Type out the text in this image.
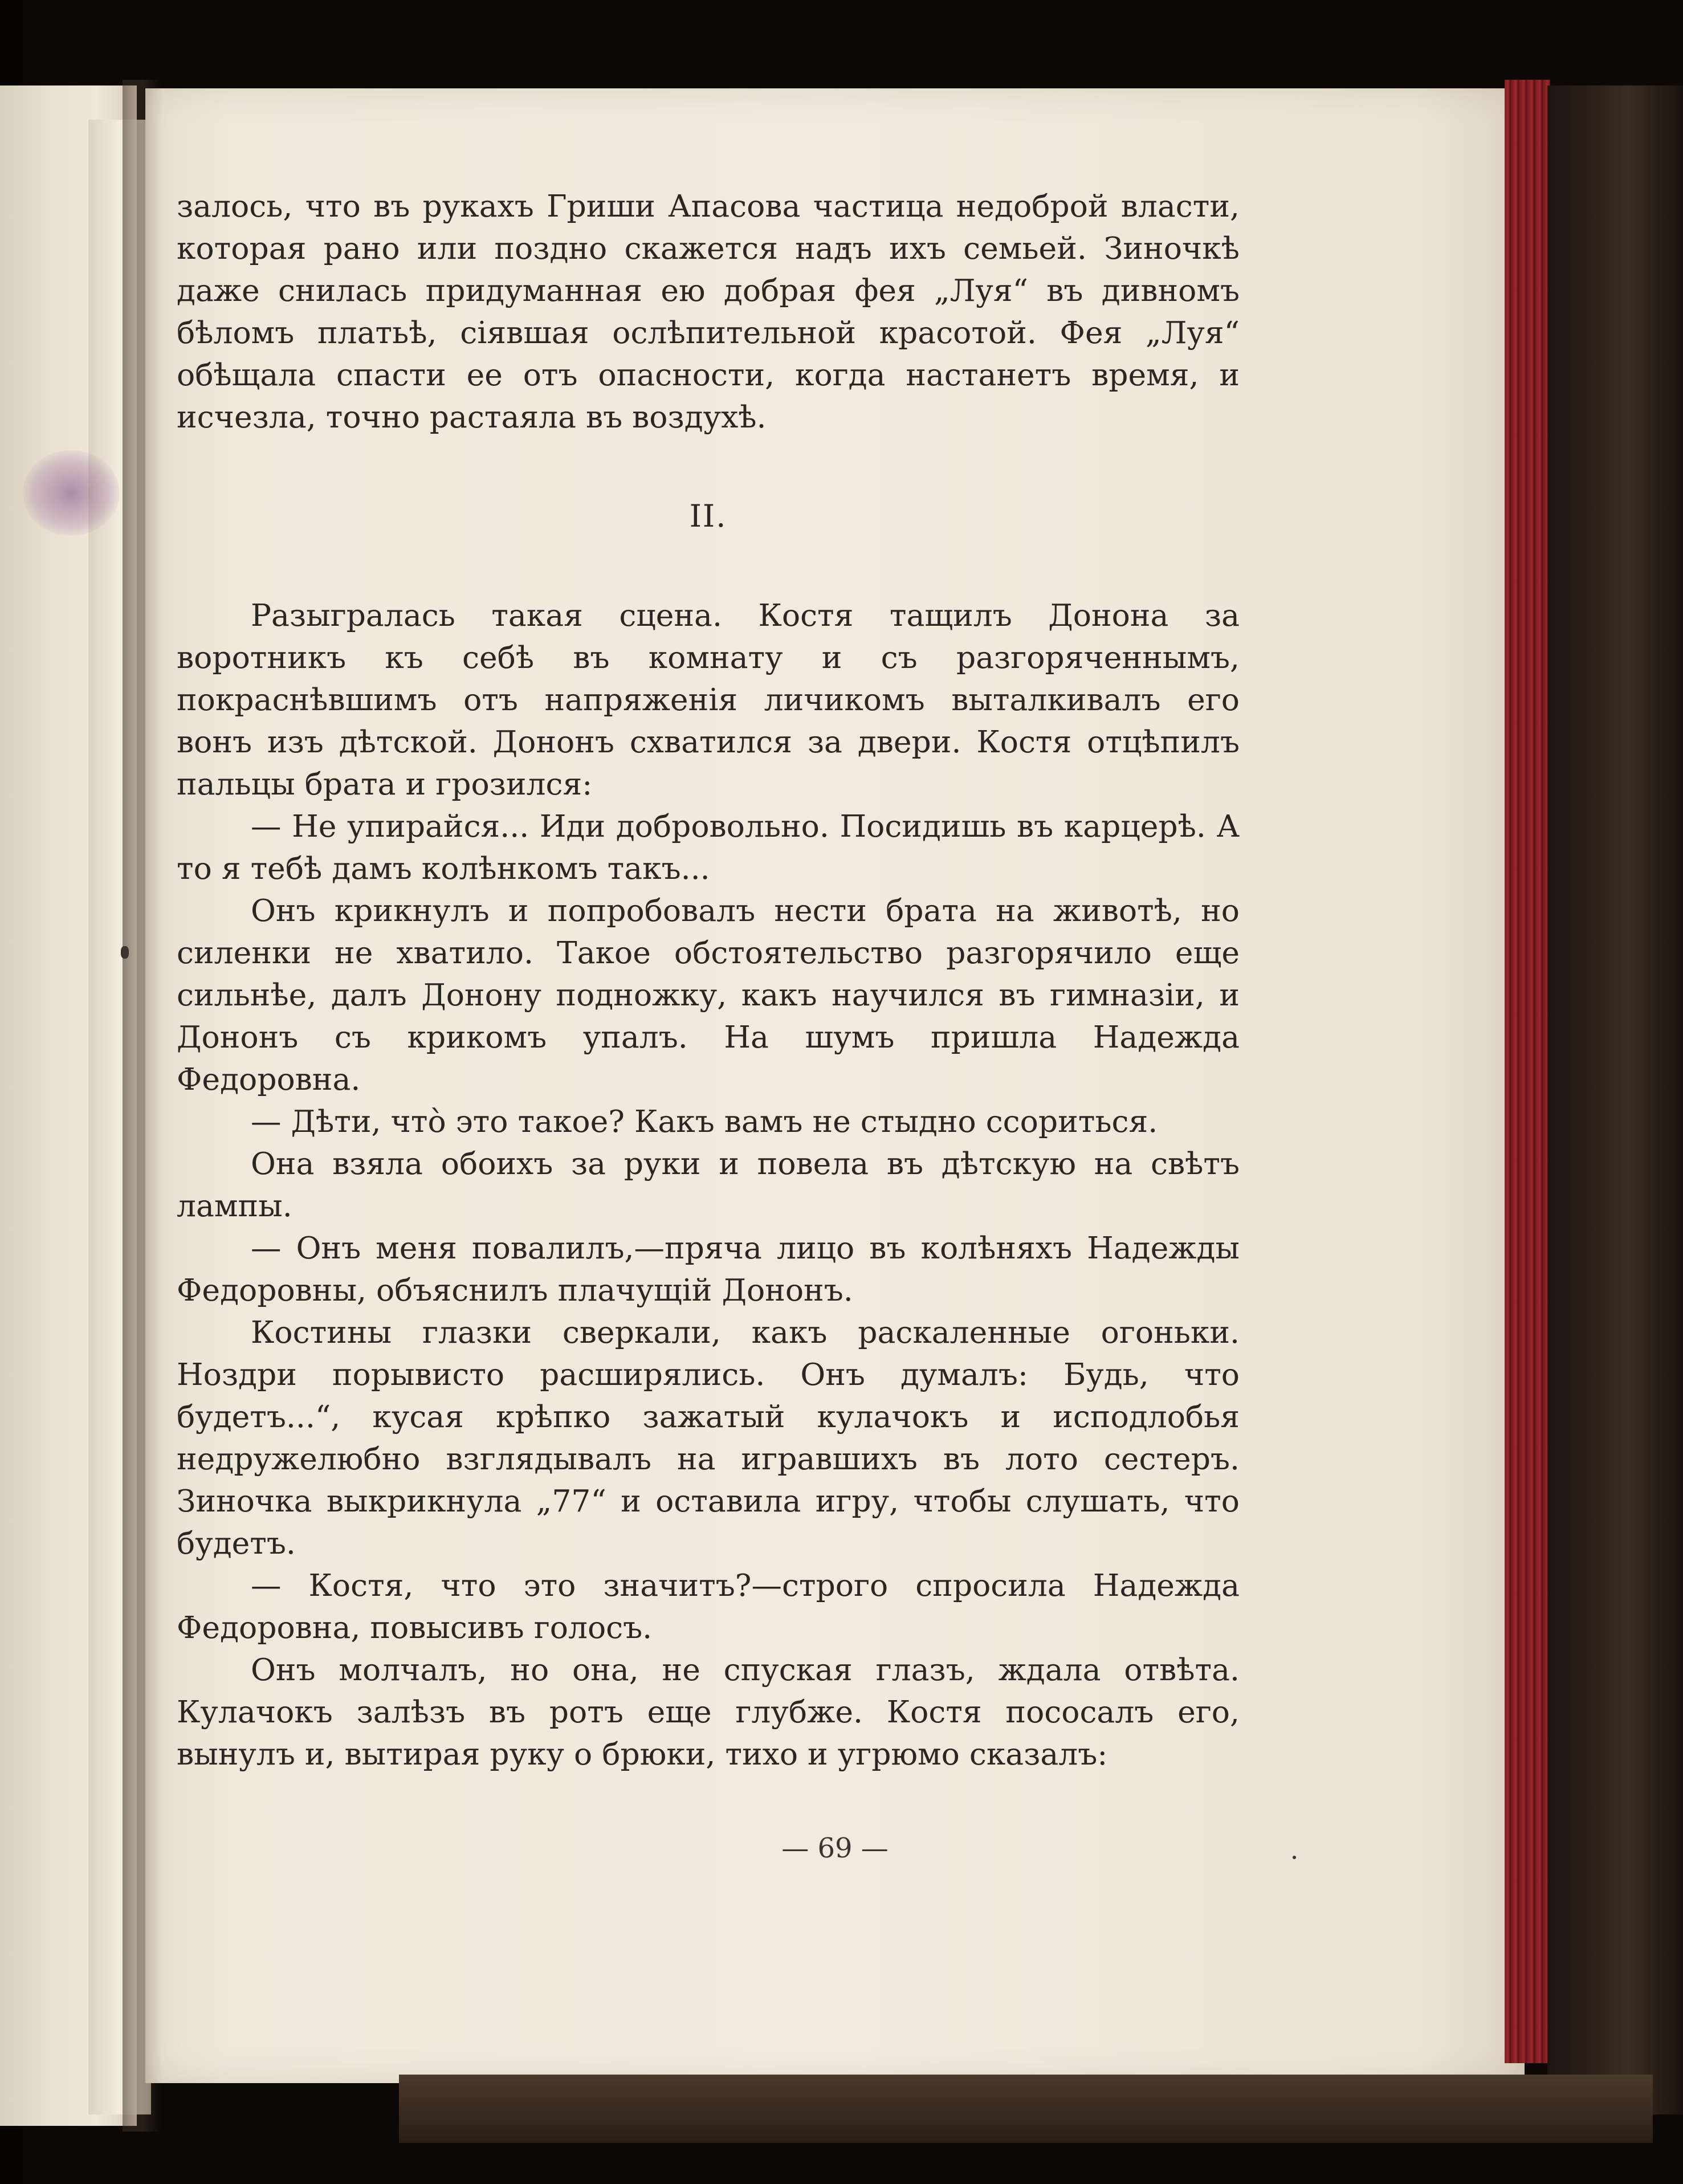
залось, что въ рукахъ Гриши Апасова частица недоброй власти, которая рано или поздно скажется надъ ихъ семьей. Зиночкѣ даже снилась придуманная ею добрая фея „Луя“ въ дивномъ бѣломъ платьѣ, сіявшая ослѣпительной красотой. Фея „Луя“ обѣщала спасти ее отъ опасности, когда настанетъ время, и исчезла, точно растаяла въ воздухѣ.

II.

Разыгралась такая сцена. Костя тащилъ Донона за воротникъ къ себѣ въ комнату и съ разгоряченнымъ, покраснѣвшимъ отъ напряженія личикомъ выталкивалъ его вонъ изъ дѣтской. Дононъ схватился за двери. Костя отцѣпилъ пальцы брата и грозился:

— Не упирайся... Иди добровольно. Посидишь въ карцерѣ. А то я тебѣ дамъ колѣнкомъ такъ...

Онъ крикнулъ и попробовалъ нести брата на животѣ, но силенки не хватило. Такое обстоятельство разгорячило еще сильнѣе, далъ Донону подножку, какъ научился въ гимназіи, и Дононъ съ крикомъ упалъ. На шумъ пришла Надежда Федоровна.

— Дѣти, что̀ это такое? Какъ вамъ не стыдно ссориться.

Она взяла обоихъ за руки и повела въ дѣтскую на свѣтъ лампы.

— Онъ меня повалилъ,—пряча лицо въ колѣняхъ Надежды Федоровны, объяснилъ плачущій Дононъ.

Костины глазки сверкали, какъ раскаленные огоньки. Ноздри порывисто расширялись. Онъ думалъ: Будь, что будетъ...“, кусая крѣпко зажатый кулачокъ и исподлобья недружелюбно взглядывалъ на игравшихъ въ лото сестеръ. Зиночка выкрикнула „77“ и оставила игру, чтобы слушать, что будетъ.

— Костя, что это значитъ?—строго спросила Надежда Федоровна, повысивъ голосъ.

Онъ молчалъ, но она, не спуская глазъ, ждала отвѣта. Кулачокъ залѣзъ въ ротъ еще глубже. Костя пососалъ его, вынулъ и, вытирая руку о брюки, тихо и угрюмо сказалъ:

— 69 —
